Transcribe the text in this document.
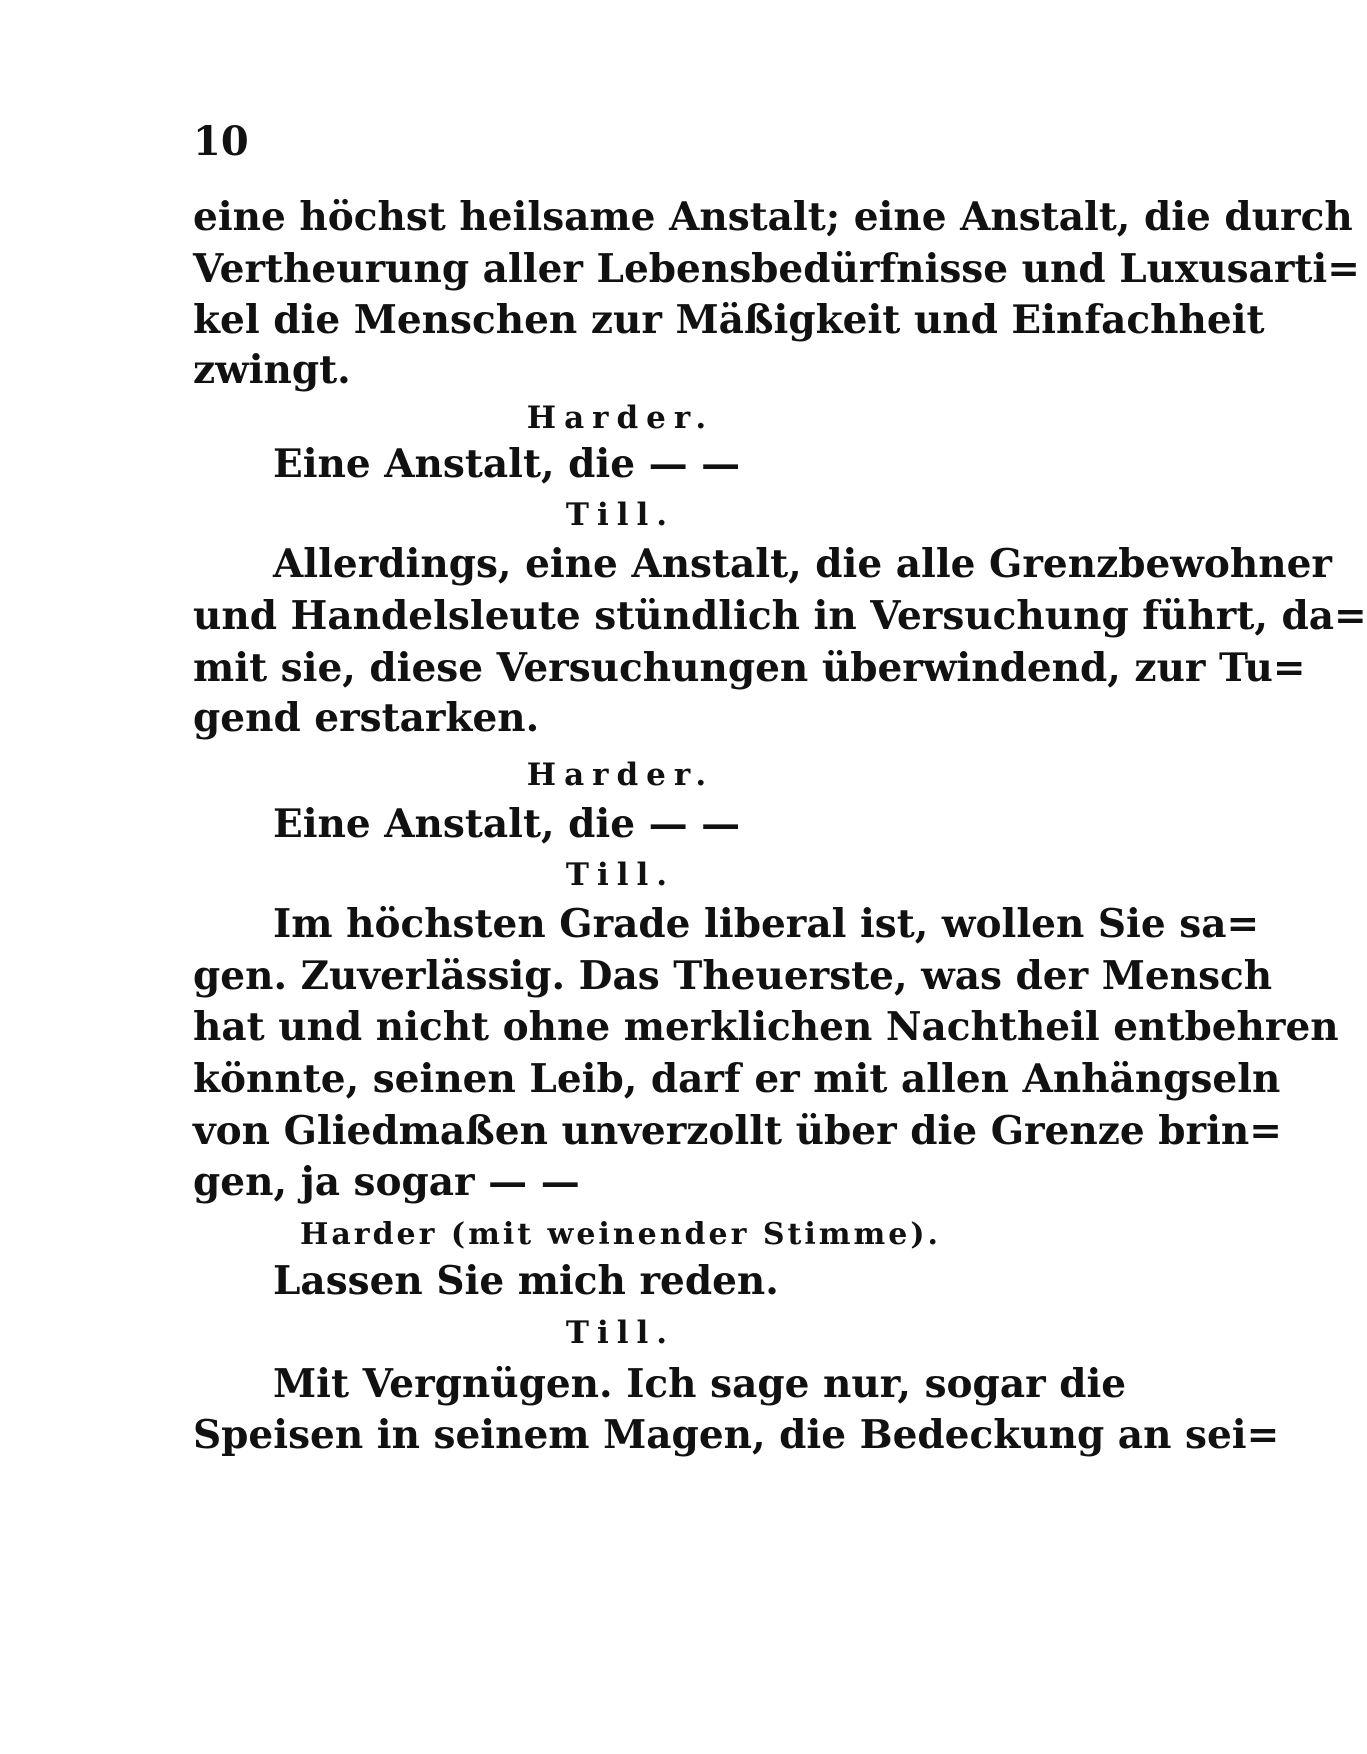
10
eine höchst heilsame Anstalt; eine Anstalt, die durch
Vertheurung aller Lebensbedürfnisse und Luxusarti=
kel die Menschen zur Mäßigkeit und Einfachheit
zwingt.
Harder.
Eine Anstalt, die — —
Till.
Allerdings, eine Anstalt, die alle Grenzbewohner
und Handelsleute stündlich in Versuchung führt, da=
mit sie, diese Versuchungen überwindend, zur Tu=
gend erstarken.
Harder.
Eine Anstalt, die — —
Till.
Im höchsten Grade liberal ist, wollen Sie sa=
gen. Zuverlässig. Das Theuerste, was der Mensch
hat und nicht ohne merklichen Nachtheil entbehren
könnte, seinen Leib, darf er mit allen Anhängseln
von Gliedmaßen unverzollt über die Grenze brin=
gen, ja sogar — —
Harder (mit weinender Stimme).
Lassen Sie mich reden.
Till.
Mit Vergnügen. Ich sage nur, sogar die
Speisen in seinem Magen, die Bedeckung an sei=
